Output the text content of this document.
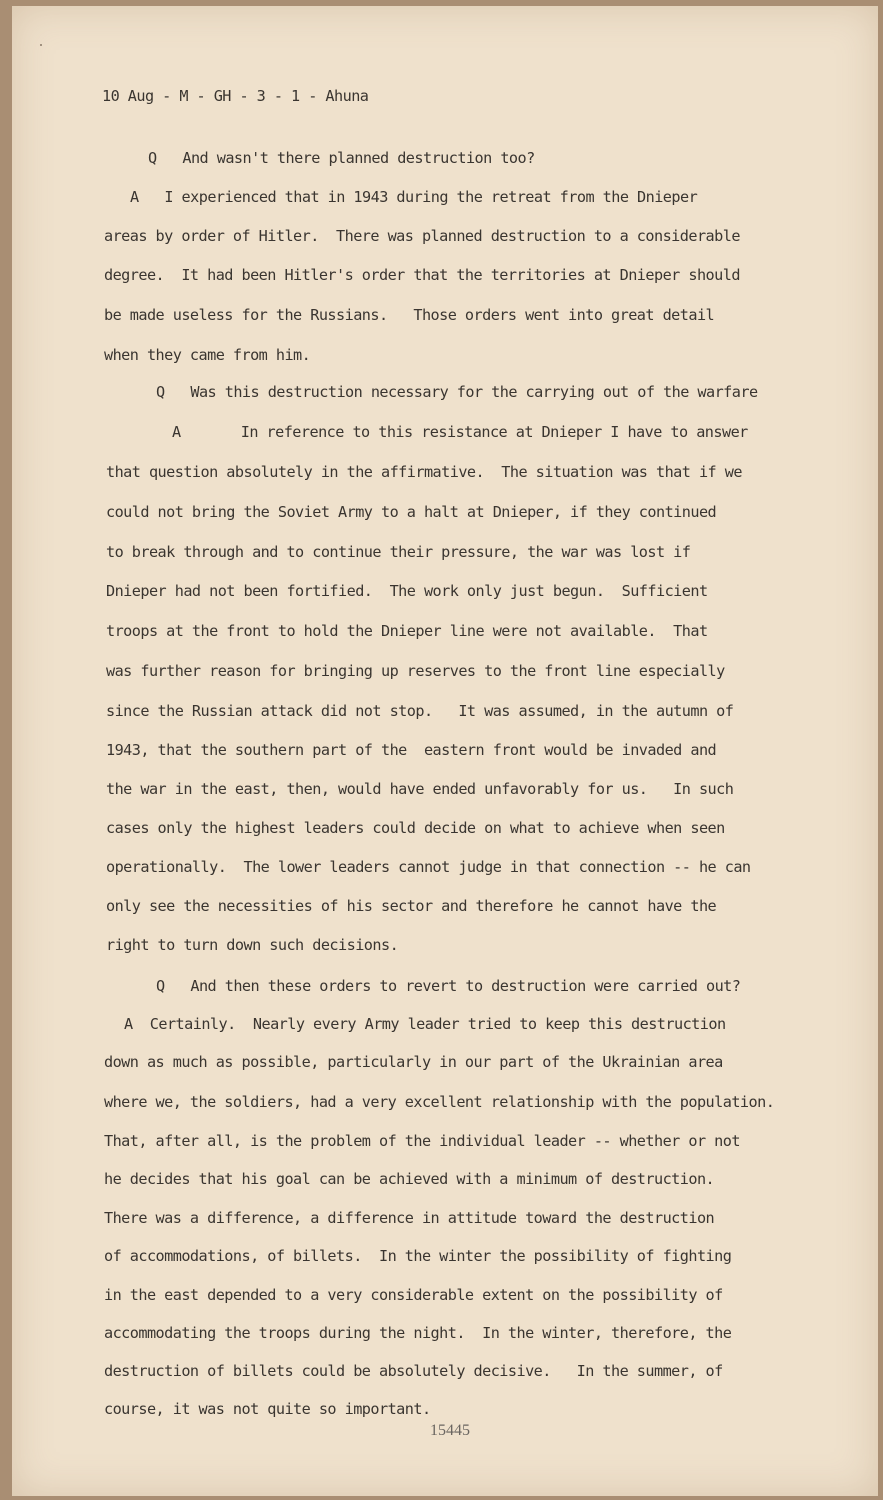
10 Aug - M - GH - 3 - 1 - Ahuna
Q   And wasn't there planned destruction too?
A   I experienced that in 1943 during the retreat from the Dnieper
areas by order of Hitler.  There was planned destruction to a considerable
degree.  It had been Hitler's order that the territories at Dnieper should
be made useless for the Russians.   Those orders went into great detail
when they came from him.
Q   Was this destruction necessary for the carrying out of the warfare
A       In reference to this resistance at Dnieper I have to answer
that question absolutely in the affirmative.  The situation was that if we
could not bring the Soviet Army to a halt at Dnieper, if they continued
to break through and to continue their pressure, the war was lost if
Dnieper had not been fortified.  The work only just begun.  Sufficient
troops at the front to hold the Dnieper line were not available.  That
was further reason for bringing up reserves to the front line especially
since the Russian attack did not stop.   It was assumed, in the autumn of
1943, that the southern part of the  eastern front would be invaded and
the war in the east, then, would have ended unfavorably for us.   In such
cases only the highest leaders could decide on what to achieve when seen
operationally.  The lower leaders cannot judge in that connection -- he can
only see the necessities of his sector and therefore he cannot have the
right to turn down such decisions.
Q   And then these orders to revert to destruction were carried out?
A  Certainly.  Nearly every Army leader tried to keep this destruction
down as much as possible, particularly in our part of the Ukrainian area
where we, the soldiers, had a very excellent relationship with the population.
That, after all, is the problem of the individual leader -- whether or not
he decides that his goal can be achieved with a minimum of destruction.
There was a difference, a difference in attitude toward the destruction
of accommodations, of billets.  In the winter the possibility of fighting
in the east depended to a very considerable extent on the possibility of
accommodating the troops during the night.  In the winter, therefore, the
destruction of billets could be absolutely decisive.   In the summer, of
course, it was not quite so important.
15445
